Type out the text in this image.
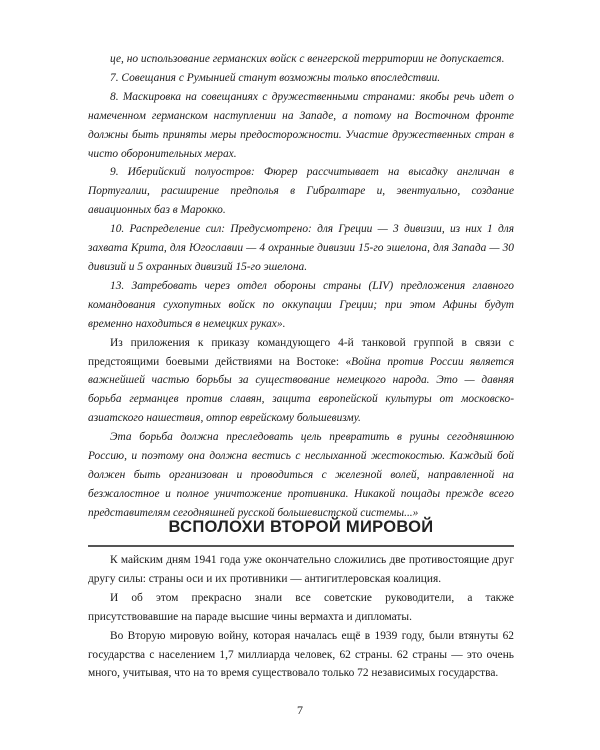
це, но использование германских войск с венгерской территории не допускается.

7. Совещания с Румынией станут возможны только впоследствии.

8. Маскировка на совещаниях с дружественными странами: якобы речь идет о намеченном германском наступлении на Западе, а потому на Восточном фронте должны быть приняты меры предосторожности. Участие дружественных стран в чисто оборонительных мерах.

9. Иберийский полуостров: Фюрер рассчитывает на высадку англичан в Португалии, расширение предполья в Гибралтаре и, эвентуально, создание авиационных баз в Марокко.

10. Распределение сил: Предусмотрено: для Греции — 3 дивизии, из них 1 для захвата Крита, для Югославии — 4 охранные дивизии 15-го эшелона, для Запада — 30 дивизий и 5 охранных дивизий 15-го эшелона.

13. Затребовать через отдел обороны страны (LIV) предложения главного командования сухопутных войск по оккупации Греции; при этом Афины будут временно находиться в немецких руках».

Из приложения к приказу командующего 4-й танковой группой в связи с предстоящими боевыми действиями на Востоке: «Война против России является важнейшей частью борьбы за существование немецкого народа. Это — давняя борьба германцев против славян, защита европейской культуры от московско-азиатского нашествия, отпор еврейскому большевизму.

Эта борьба должна преследовать цель превратить в руины сегодняшнюю Россию, и поэтому она должна вестись с неслыханной жестокостью. Каждый бой должен быть организован и проводиться с железной волей, направленной на безжалостное и полное уничтожение противника. Никакой пощады прежде всего представителям сегодняшней русской большевистской системы...»

ВСПОЛОХИ ВТОРОЙ МИРОВОЙ

К майским дням 1941 года уже окончательно сложились две противостоящие друг другу силы: страны оси и их противники — антигитлеровская коалиция.

И об этом прекрасно знали все советские руководители, а также присутствовавшие на параде высшие чины вермахта и дипломаты.

Во Вторую мировую войну, которая началась ещё в 1939 году, были втянуты 62 государства с населением 1,7 миллиарда человек, 62 страны. 62 страны — это очень много, учитывая, что на то время существовало только 72 независимых государства.

7
